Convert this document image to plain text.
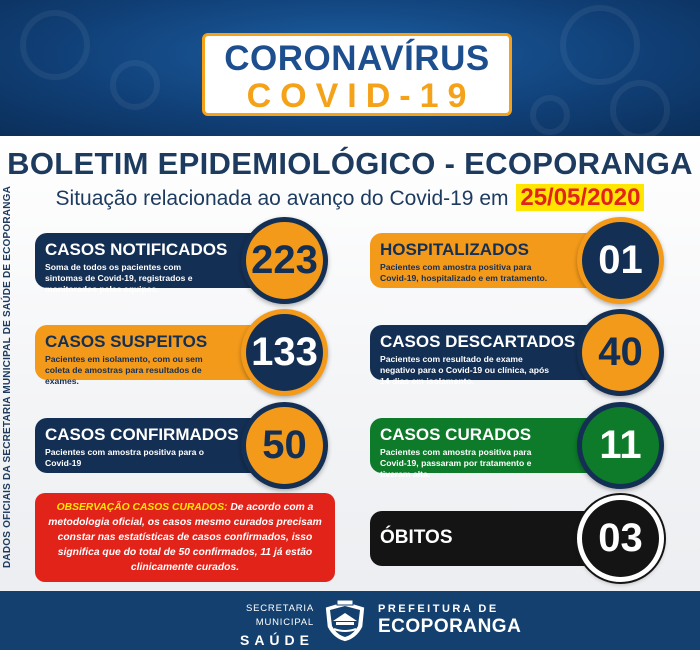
CORONAVÍRUS
COVID-19
BOLETIM EPIDEMIOLÓGICO - ECOPORANGA
Situação relacionada ao avanço do Covid-19 em 25/05/2020
DADOS OFICIAIS DA SECRETARIA MUNICIPAL DE SAÚDE DE ECOPORANGA CASOS NOTIFICADOS
Soma de todos os pacientes com sintomas de Covid-19, registrados e monitorados pelas equipes.
223
CASOS SUSPEITOS
Pacientes em isolamento, com ou sem coleta de amostras para resultados de exames.
133
CASOS CONFIRMADOS
Pacientes com amostra positiva para o Covid-19	50
OBSERVAÇÃO CASOS CURADOS: De acordo com a metodologia oficial, os casos mesmo curados precisam constar nas estatísticas de casos confirmados, isso significa que do total de 50 confirmados, 11 já estão clinicamente curados.
HOSPITALIZADOS
Pacientes com amostra positiva para Covid-19, hospitalizado e em tratamento.	01
CASOS DESCARTADOS
Pacientes com resultado de exame negativo para o Covid-19 ou clínica, após 14 dias em isolamento.
40
CASOS CURADOS
Pacientes com amostra positiva para Covid-19, passaram por tratamento e tiveram alta.
11
ÓBITOS	03
SECRETARIA MUNICIPAL
SAÚDE
PREFEITURA DE
ECOPORANGA
